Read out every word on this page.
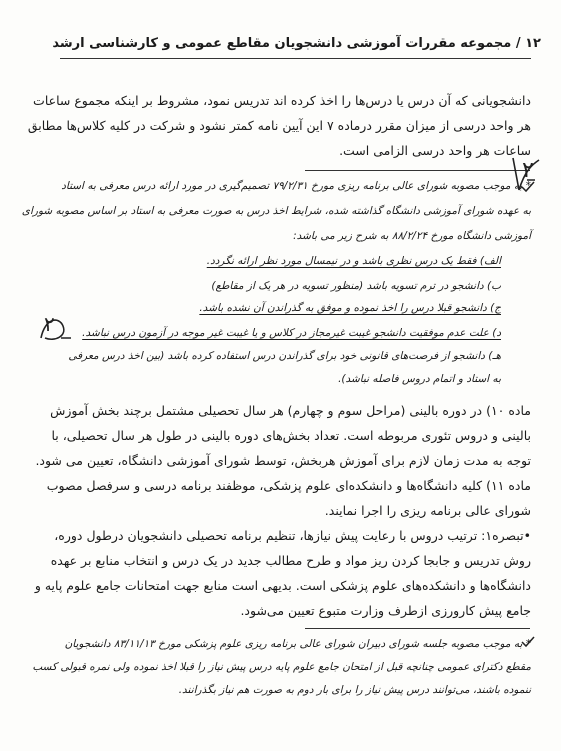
۱۲ / مجموعه مقررات آموزشی دانشجویان مقاطع عمومی و کارشناسی ارشد
دانشجویانی که آن درس یا درس‌ها را اخذ کرده اند تدریس نمود، مشروط بر اینکه مجموع ساعات
هر واحد درسی از میزان مقرر درماده ۷ این آیین نامه کمتر نشود و شرکت در کلیه کلاس‌ها مطابق
ساعات هر واحد درسی الزامی است.
* به موجب مصوبه شورای عالی برنامه ریزی مورخ ۷۹/۲/۳۱ تصمیم‌گیری در مورد ارائه درس معرفی به استاد
به عهده شورای آموزشی دانشگاه گذاشته شده، شرایط اخذ درس به صورت معرفی به استاد بر اساس مصوبه شورای
آموزشی دانشگاه مورخ ۸۸/۲/۲۴ به شرح زیر می باشد:
الف) فقط یک درس نظری باشد و در نیمسال مورد نظر ارائه نگردد.
ب) دانشجو در ترم تسویه باشد (منظور تسویه در هر یک از مقاطع)
ج) دانشجو قبلا درس را اخذ نموده و موفق به گذراندن آن نشده باشد.
د) علت عدم موفقیت دانشجو غیبت غیرمجاز در کلاس و یا غیبت غیر موجه در آزمون درس نباشد.
هـ) دانشجو از فرصت‌های قانونی خود برای گذراندن درس استفاده کرده باشد (بین اخذ درس معرفی
به استاد و اتمام دروس فاصله نباشد).
ماده ۱۰) در دوره بالینی (مراحل سوم و چهارم) هر سال تحصیلی مشتمل برچند بخش آموزش
بالینی و دروس تئوری مربوطه است. تعداد بخش‌های دوره بالینی در طول هر سال تحصیلی، با
توجه به مدت زمان لازم برای آموزش هربخش، توسط شورای آموزشی دانشگاه، تعیین می شود.
ماده ۱۱) کلیه دانشگاه‌ها و دانشکده‌ای علوم پزشکی، موظفند برنامه درسی و سرفصل مصوب
شورای عالی برنامه ریزی را اجرا نمایند.
•تبصره۱: ترتیب دروس با رعایت پیش نیازها، تنظیم برنامه تحصیلی دانشجویان درطول دوره،
روش تدریس و جابجا کردن ریز مواد و طرح مطالب جدید در یک درس و انتخاب منابع بر عهده
دانشگاه‌ها و دانشکده‌های علوم پزشکی است. بدیهی است منابع جهت امتحانات جامع علوم پایه و
جامع پیش کارورزی ازطرف وزارت متبوع تعیین می‌شود.
* به موجب مصوبه جلسه شورای دبیران شورای عالی برنامه ریزی علوم پزشکی مورخ ۸۳/۱۱/۱۳ دانشجویان
مقطع دکترای عمومی چنانچه قبل از امتحان جامع علوم پایه درس پیش نیاز را قبلا اخذ نموده ولی نمره قبولی کسب
ننموده باشند، می‌توانند درس پیش نیاز را برای بار دوم به صورت هم نیاز بگذرانند.
۲
۲
